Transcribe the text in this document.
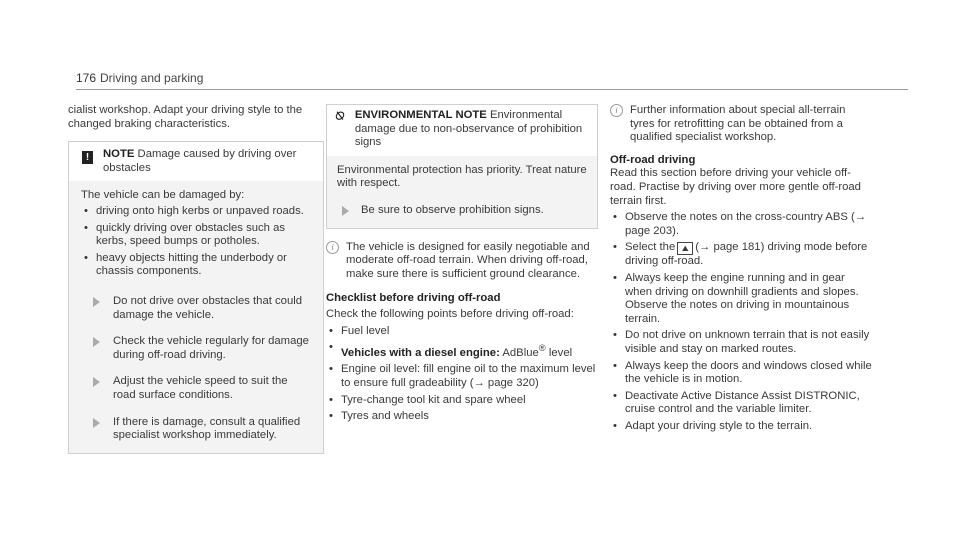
176 Driving and parking

cialist workshop. Adapt your driving style to the changed braking characteristics.

!	NOTE Damage caused by driving over obstacles

The vehicle can be damaged by:

• driving onto high kerbs or unpaved roads.
• quickly driving over obstacles such as kerbs, speed bumps or potholes.
• heavy objects hitting the underbody or chassis components.
Do not drive over obstacles that could damage the vehicle.
Check the vehicle regularly for damage during off-road driving.
Adjust the vehicle speed to suit the road surface conditions.
If there is damage, consult a qualified specialist workshop immediately.
⍉ ENVIRONMENTAL NOTE Environmental damage due to non-observance of prohibition signs

Environmental protection has priority. Treat nature with respect.

Be sure to observe prohibition signs.
i	The vehicle is designed for easily negotiable and moderate off-road terrain. When driving off-road, make sure there is sufficient ground clearance.

Checklist before driving off-road

Check the following points before driving off-road:

• Fuel level
• Vehicles with a diesel engine: AdBlue® level
• Engine oil level: fill engine oil to the maximum level to ensure full gradeability (→ page 320)
• Tyre-change tool kit and spare wheel
• Tyres and wheels
i	Further information about special all-terrain tyres for retrofitting can be obtained from a qualified specialist workshop.

Off-road driving

Read this section before driving your vehicle off-road. Practise by driving over more gentle off-road terrain first.

• Observe the notes on the cross-country ABS (→ page 203).
• Select the ⛰ (→ page 181) driving mode before driving off-road.
• Always keep the engine running and in gear when driving on downhill gradients and slopes. Observe the notes on driving in mountainous terrain.
• Do not drive on unknown terrain that is not easily visible and stay on marked routes.
• Always keep the doors and windows closed while the vehicle is in motion.
• Deactivate Active Distance Assist DISTRONIC, cruise control and the variable limiter.
• Adapt your driving style to the terrain.
